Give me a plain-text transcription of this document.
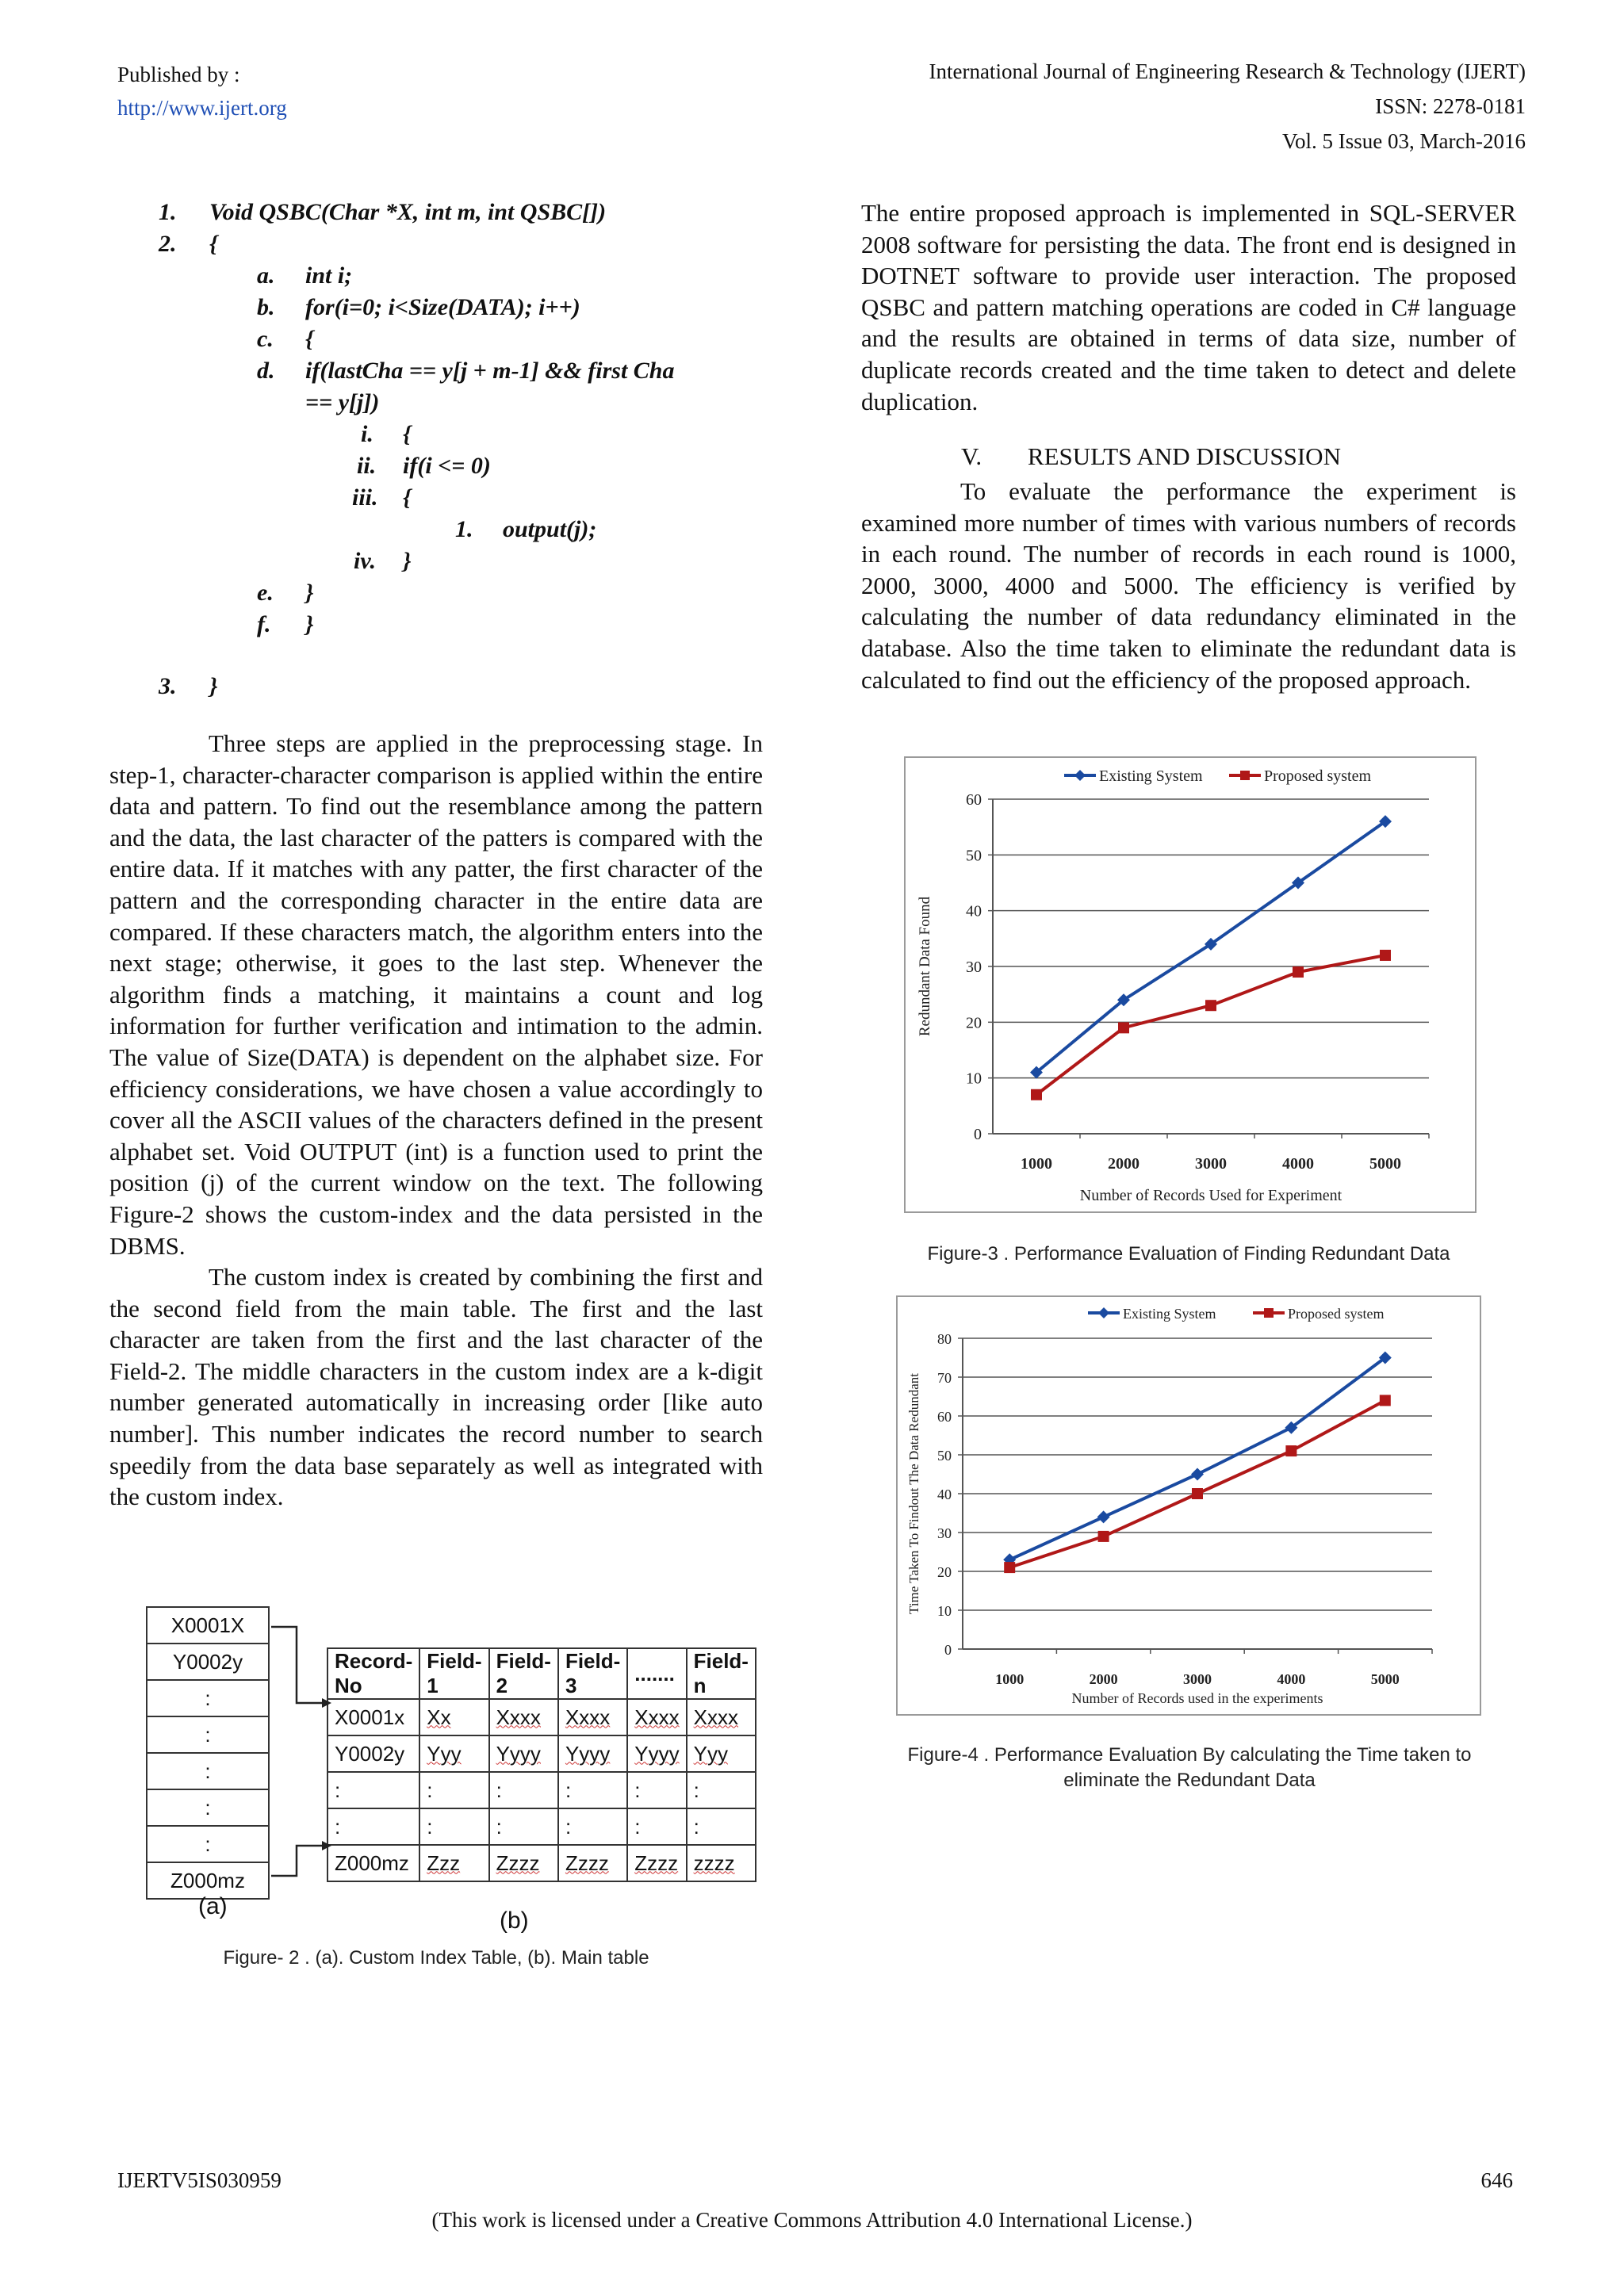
Published by :
http://www.ijert.org
International Journal of Engineering Research & Technology (IJERT)
ISSN: 2278-0181
Vol. 5 Issue 03, March-2016
1. Void QSBC(Char *X, int m, int QSBC[])
2. {
a. int i;
b. for(i=0; i<Size(DATA); i++)
c. {
d. if(lastCha == y[j + m-1] && first Cha
== y[j])
i. {
ii. if(i <= 0)
iii. {
1. output(j);
iv. }
e. }
f. }
3. }

Three steps are applied in the preprocessing stage. In step-1, character-character comparison is applied within the entire data and pattern. To find out the resemblance among the pattern and the data, the last character of the patters is compared with the entire data. If it matches with any patter, the first character of the pattern and the corresponding character in the entire data are compared. If these characters match, the algorithm enters into the next stage; otherwise, it goes to the last step. Whenever the algorithm finds a matching, it maintains a count and log information for further verification and intimation to the admin. The value of Size(DATA) is dependent on the alphabet size. For efficiency considerations, we have chosen a value accordingly to cover all the ASCII values of the characters defined in the present alphabet set. Void OUTPUT (int) is a function used to print the position (j) of the current window on the text. The following Figure-2 shows the custom-index and the data persisted in the DBMS.

The custom index is created by combining the first and the second field from the main table. The first and the last character are taken from the first and the last character of the Field-2. The middle characters in the custom index are a k-digit number generated automatically in increasing order [like auto number]. This number indicates the record number to search speedily from the data base separately as well as integrated with the custom index.

X0001X
Y0002y
:
:
:
:
:
Z000mz
Record-No	Field-1	Field-2	Field-3	.......	Field-n
X0001x	Xx	Xxxx	Xxxx	Xxxx	Xxxx
Y0002y	Yyy	Yyyy	Yyyy	Yyyy	Yyy
:	:	:	:	:	:
:	:	:	:	:	:
Z000mz	Zzz	Zzzz	Zzzz	Zzzz	zzzz
(a)
(b)
Figure- 2 . (a). Custom Index Table, (b). Main table

The entire proposed approach is implemented in SQL-SERVER 2008 software for persisting the data. The front end is designed in DOTNET software to provide user interaction. The proposed QSBC and pattern matching operations are coded in C# language and the results are obtained in terms of data size, number of duplicate records created and the time taken to detect and delete duplication.

V. RESULTS AND DISCUSSION

To evaluate the performance the experiment is examined more number of times with various numbers of records in each round. The number of records in each round is 1000, 2000, 3000, 4000 and 5000. The efficiency is verified by calculating the number of data redundancy eliminated in the database. Also the time taken to eliminate the redundant data is calculated to find out the efficiency of the proposed approach.

0
10
20
30
40
50
60
1000	2000	3000	4000	5000
Number of Records Used for Experiment
Redundant Data Found
Existing System	Proposed system
Figure-3 . Performance Evaluation of Finding Redundant Data
0
10
20
30
40
50
60
70
80
1000	2000	3000	4000	5000
Number of Records used in the experiments
Time Taken To Findout The Data Redundant
Existing System	Proposed system
Figure-4 . Performance Evaluation By calculating the Time taken to eliminate the Redundant Data
IJERTV5IS030959	646
(This work is licensed under a Creative Commons Attribution 4.0 International License.)
